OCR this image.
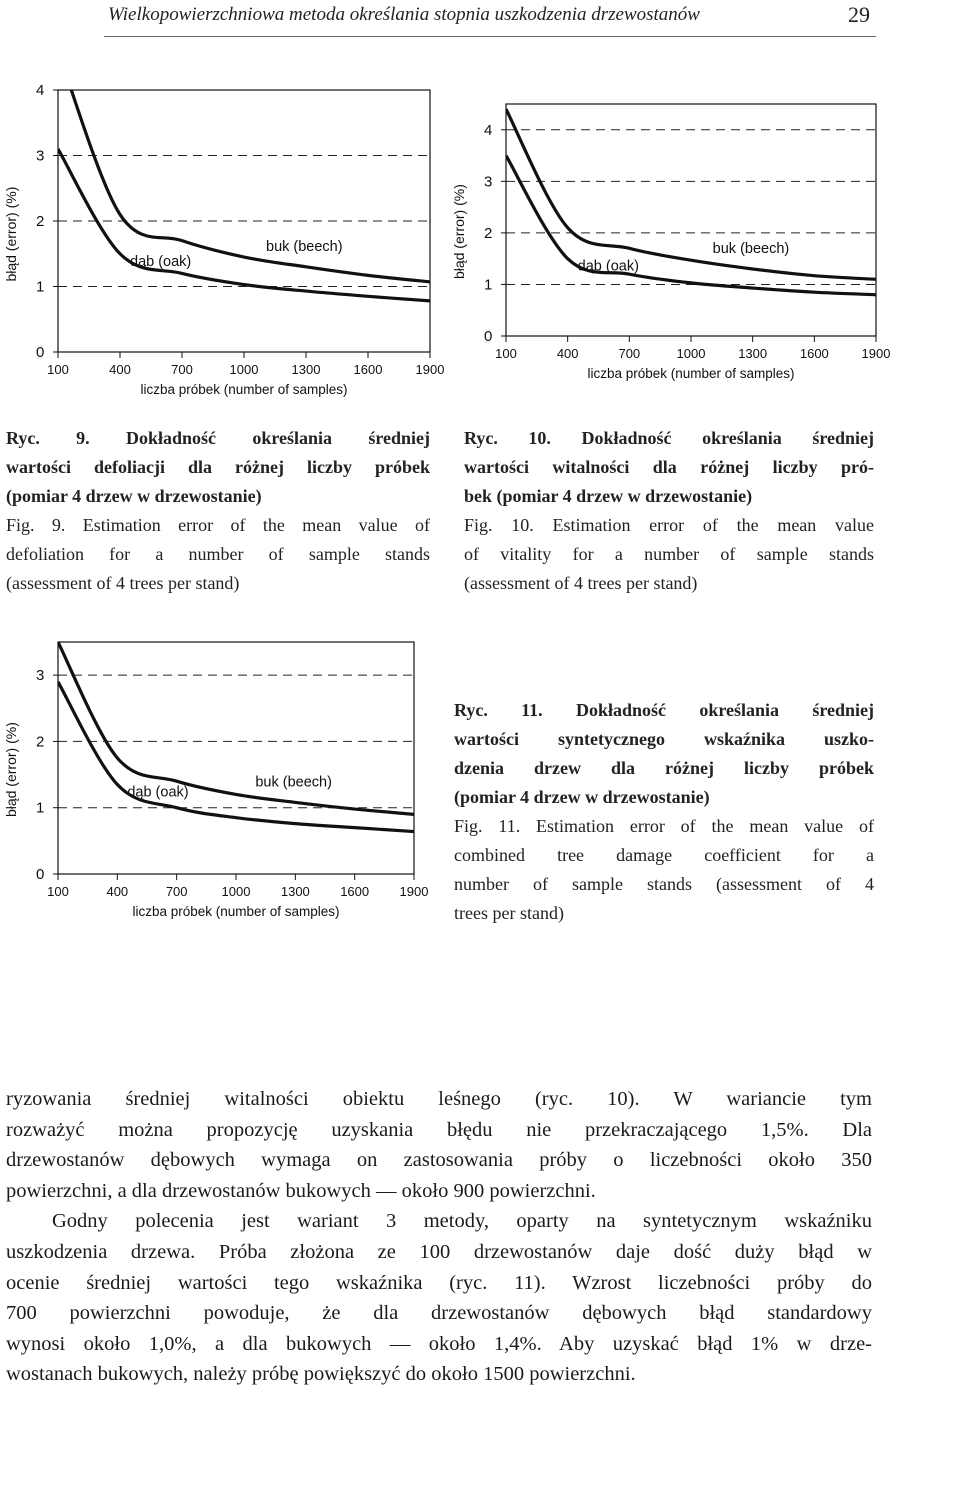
Wielkopowierzchniowa metoda określania stopnia uszkodzenia drzewostanów	29
0
1
2
3
4
100	400	700	1000	1300	1600	1900
liczba próbek (number of samples)
błąd (error) (%)	buk (beech)
dąb (oak)
0
1
2
3
4
100	400	700	1000	1300	1600	1900
liczba próbek (number of samples)
błąd (error) (%)	buk (beech)
dąb (oak)
0
1
2
3
100	400	700	1000 1300 1600 1900
liczba próbek (number of samples)
błąd (error) (%)	buk (beech)
dąb (oak)
Ryc. 9. Dokładność określania średniej
wartości defoliacji dla różnej liczby próbek
(pomiar 4 drzew w drzewostanie)
Fig. 9. Estimation error of the mean value of
defoliation for a number of sample stands
(assessment of 4 trees per stand)
Ryc. 10. Dokładność określania średniej
wartości witalności dla różnej liczby pró-
bek (pomiar 4 drzew w drzewostanie)
Fig. 10. Estimation error of the mean value
of vitality for a number of sample stands
(assessment of 4 trees per stand)
Ryc. 11. Dokładność określania średniej
wartości syntetycznego wskaźnika uszko-
dzenia drzew dla różnej liczby próbek
(pomiar 4 drzew w drzewostanie)
Fig. 11. Estimation error of the mean value of
combined tree damage coefficient for a
number of sample stands (assessment of 4
trees per stand)
ryzowania średniej witalności obiektu leśnego (ryc. 10). W wariancie tym
rozważyć można propozycję uzyskania błędu nie przekraczającego 1,5%. Dla
drzewostanów dębowych wymaga on zastosowania próby o liczebności około 350
powierzchni, a dla drzewostanów bukowych — około 900 powierzchni.
Godny polecenia jest wariant 3 metody, oparty na syntetycznym wskaźniku
uszkodzenia drzewa. Próba złożona ze 100 drzewostanów daje dość duży błąd w
ocenie średniej wartości tego wskaźnika (ryc. 11). Wzrost liczebności próby do
700 powierzchni powoduje, że dla drzewostanów dębowych błąd standardowy
wynosi około 1,0%, a dla bukowych — około 1,4%. Aby uzyskać błąd 1% w drze-
wostanach bukowych, należy próbę powiększyć do około 1500 powierzchni.
